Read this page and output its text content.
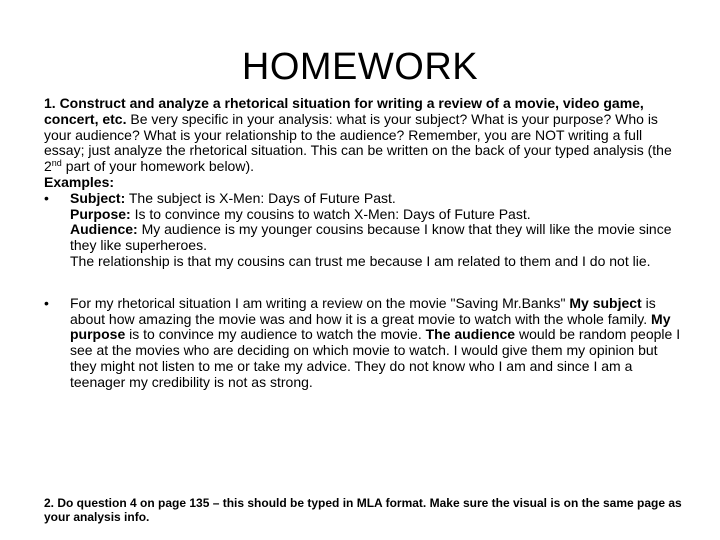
HOMEWORK

1. Construct and analyze a rhetorical situation for writing a review of a movie, video game, concert, etc. Be very specific in your analysis: what is your subject? What is your purpose? Who is your audience? What is your relationship to the audience? Remember, you are NOT writing a full essay; just analyze the rhetorical situation. This can be written on the back of your typed analysis (the 2nd part of your homework below).

Examples:

•	Subject: The subject is X-Men: Days of Future Past.

Purpose: Is to convince my cousins to watch X-Men: Days of Future Past.

Audience: My audience is my younger cousins because I know that they will like the movie since they like superheroes.

The relationship is that my cousins can trust me because I am related to them and I do not lie.

•	For my rhetorical situation I am writing a review on the movie "Saving Mr.Banks" My subject is about how amazing the movie was and how it is a great movie to watch with the whole family. My purpose is to convince my audience to watch the movie. The audience would be random people I see at the movies who are deciding on which movie to watch. I would give them my opinion but they might not listen to me or take my advice. They do not know who I am and since I am a teenager my credibility is not as strong.

2. Do question 4 on page 135 – this should be typed in MLA format. Make sure the visual is on the same page as your analysis info.
